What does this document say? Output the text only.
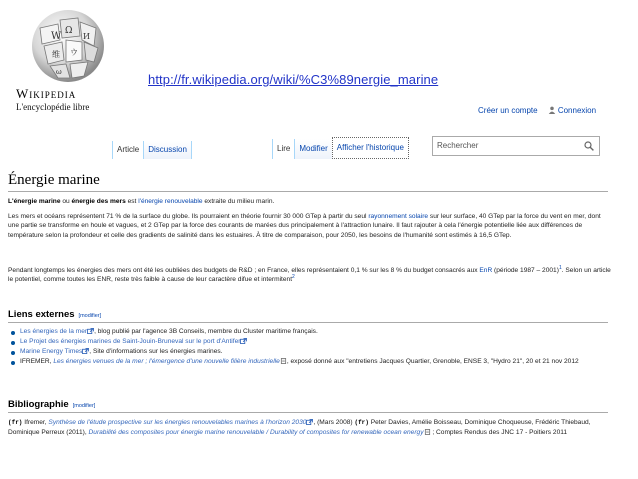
W Ω
И
维 ウ
ω
Wikipedia
L'encyclopédie libre
http://fr.wikipedia.org/wiki/%C3%89nergie_marine
Créer un compte	Connexion
Article	Discussion	Lire	Modifier	Afficher l'historique	Rechercher
Énergie marine
L'énergie marine ou énergie des mers est l'énergie renouvelable extraite du milieu marin.
Les mers et océans représentent 71 % de la surface du globe. Ils pourraient en théorie fournir 30 000 GTep à partir du seul rayonnement solaire sur leur surface, 40 GTep par la force du vent en mer, dont une partie se transforme en houle et vagues, et 2 GTep par la force des courants de marées dus principalement à l'attraction lunaire. Il faut rajouter à cela l'énergie potentielle liée aux différences de température selon la profondeur et celle des gradients de salinité dans les estuaires. À titre de comparaison, pour 2050, les besoins de l'humanité sont estimés à 16,5 GTep.
Pendant longtemps les énergies des mers ont été les oubliées des budgets de R&D ; en France, elles représentaient 0,1 % sur les 8 % du budget consacrés aux EnR (période 1987 – 2001)$^1$. Selon un article le potentiel, comme toutes les ENR, reste très faible à cause de leur caractère difue et intermitent$^2$
Liens externes [modifier]
Les énergies de la mer , blog publié par l'agence 3B Conseils, membre du Cluster maritime français.
Le Projet des énergies marines de Saint-Jouin-Bruneval sur le port d'Antifer
Marine Energy Times , Site d'informations sur les énergies marines.
IFREMER, Les énergies venues de la mer ; l'émergence d'une nouvelle filière industrielle , exposé donné aux "entretiens Jacques Quartier, Grenoble, ENSE 3, "Hydro 21", 20 et 21 nov 2012
Bibliographie [modifier]
(fr) Ifremer, Synthèse de l'étude prospective sur les énergies renouvelables marines à l'horizon 2030 , (Mars 2008) (fr) Peter Davies, Amélie Boisseau, Dominique Choqueuse, Frédéric Thiebaud, Dominique Perreux (2011), Durabilité des composites pour énergie marine renouvelable / Durability of composites for renewable ocean energy ; Comptes Rendus des JNC 17 - Poitiers 2011
